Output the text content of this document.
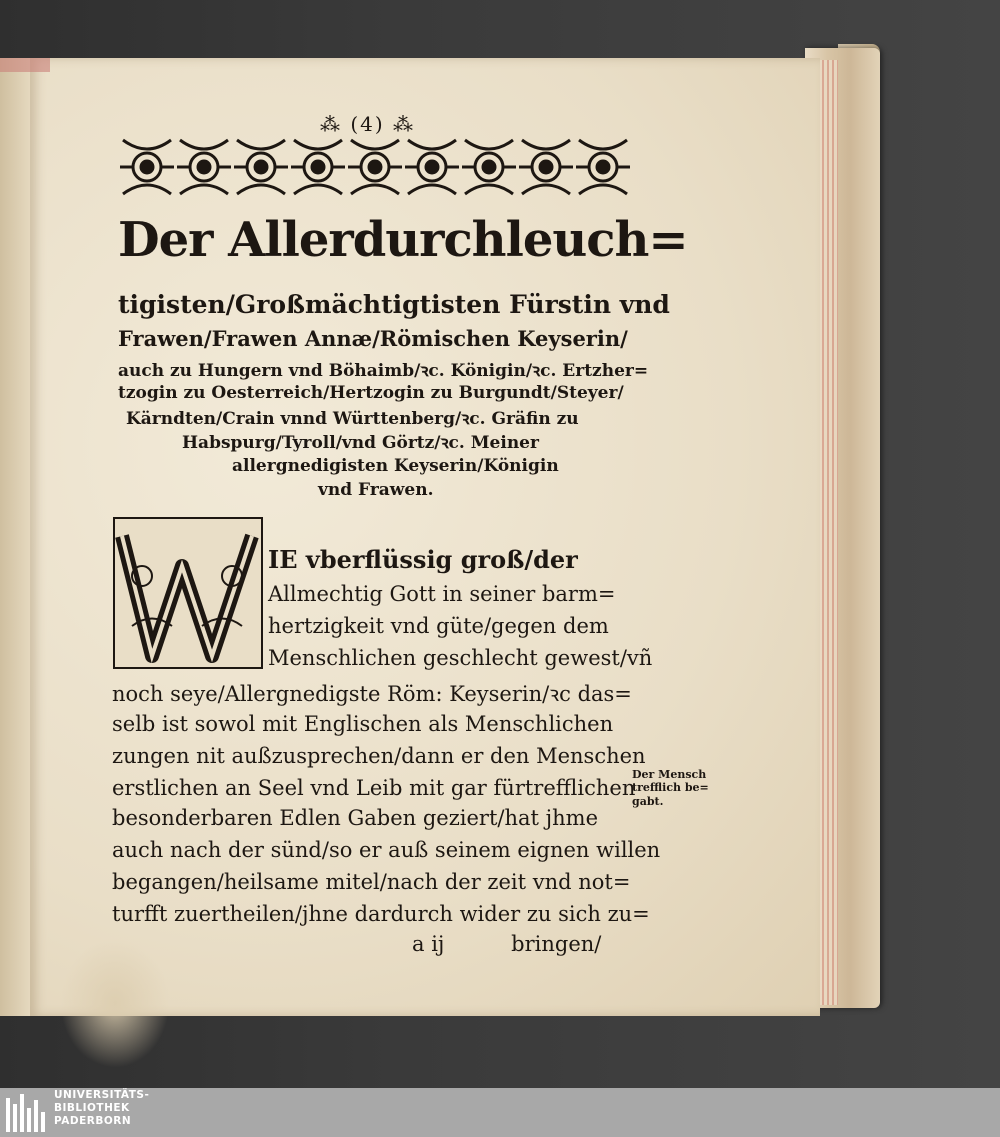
⁂ (4) ⁂
Der Allerdurchleuch=
tigisten/Großmächtigtisten Fürstin vnd
Frawen/Frawen Annæ/Römischen Keyserin/
auch zu Hungern vnd Böhaimb/ꝛc. Königin/ꝛc. Ertzher=
tzogin zu Oesterreich/Hertzogin zu Burgundt/Steyer/
Kärndten/Crain vnnd Württenberg/ꝛc. Gräfin zu
Habspurg/Tyroll/vnd Görtz/ꝛc. Meiner
allergnedigisten Keyserin/Königin
vnd Frawen.
IE vberflüssig groß/der
Allmechtig Gott in seiner barm=
hertzigkeit vnd güte/gegen dem
Menschlichen geschlecht gewest/vñ
noch seye/Allergnedigste Röm: Keyserin/ꝛc das=
selb ist sowol mit Englischen als Menschlichen
zungen nit außzusprechen/dann er den Menschen
erstlichen an Seel vnd Leib mit gar fürtrefflichen
besonderbaren Edlen Gaben geziert/hat jhme
auch nach der sünd/so er auß seinem eignen willen
begangen/heilsame mitel/nach der zeit vnd not=
turfft zuertheilen/jhne dardurch wider zu sich zu=
a ij          bringen/
Der Mensch
trefflich be=
gabt.
UNIVERSITÄTS-
BIBLIOTHEK
PADERBORN
